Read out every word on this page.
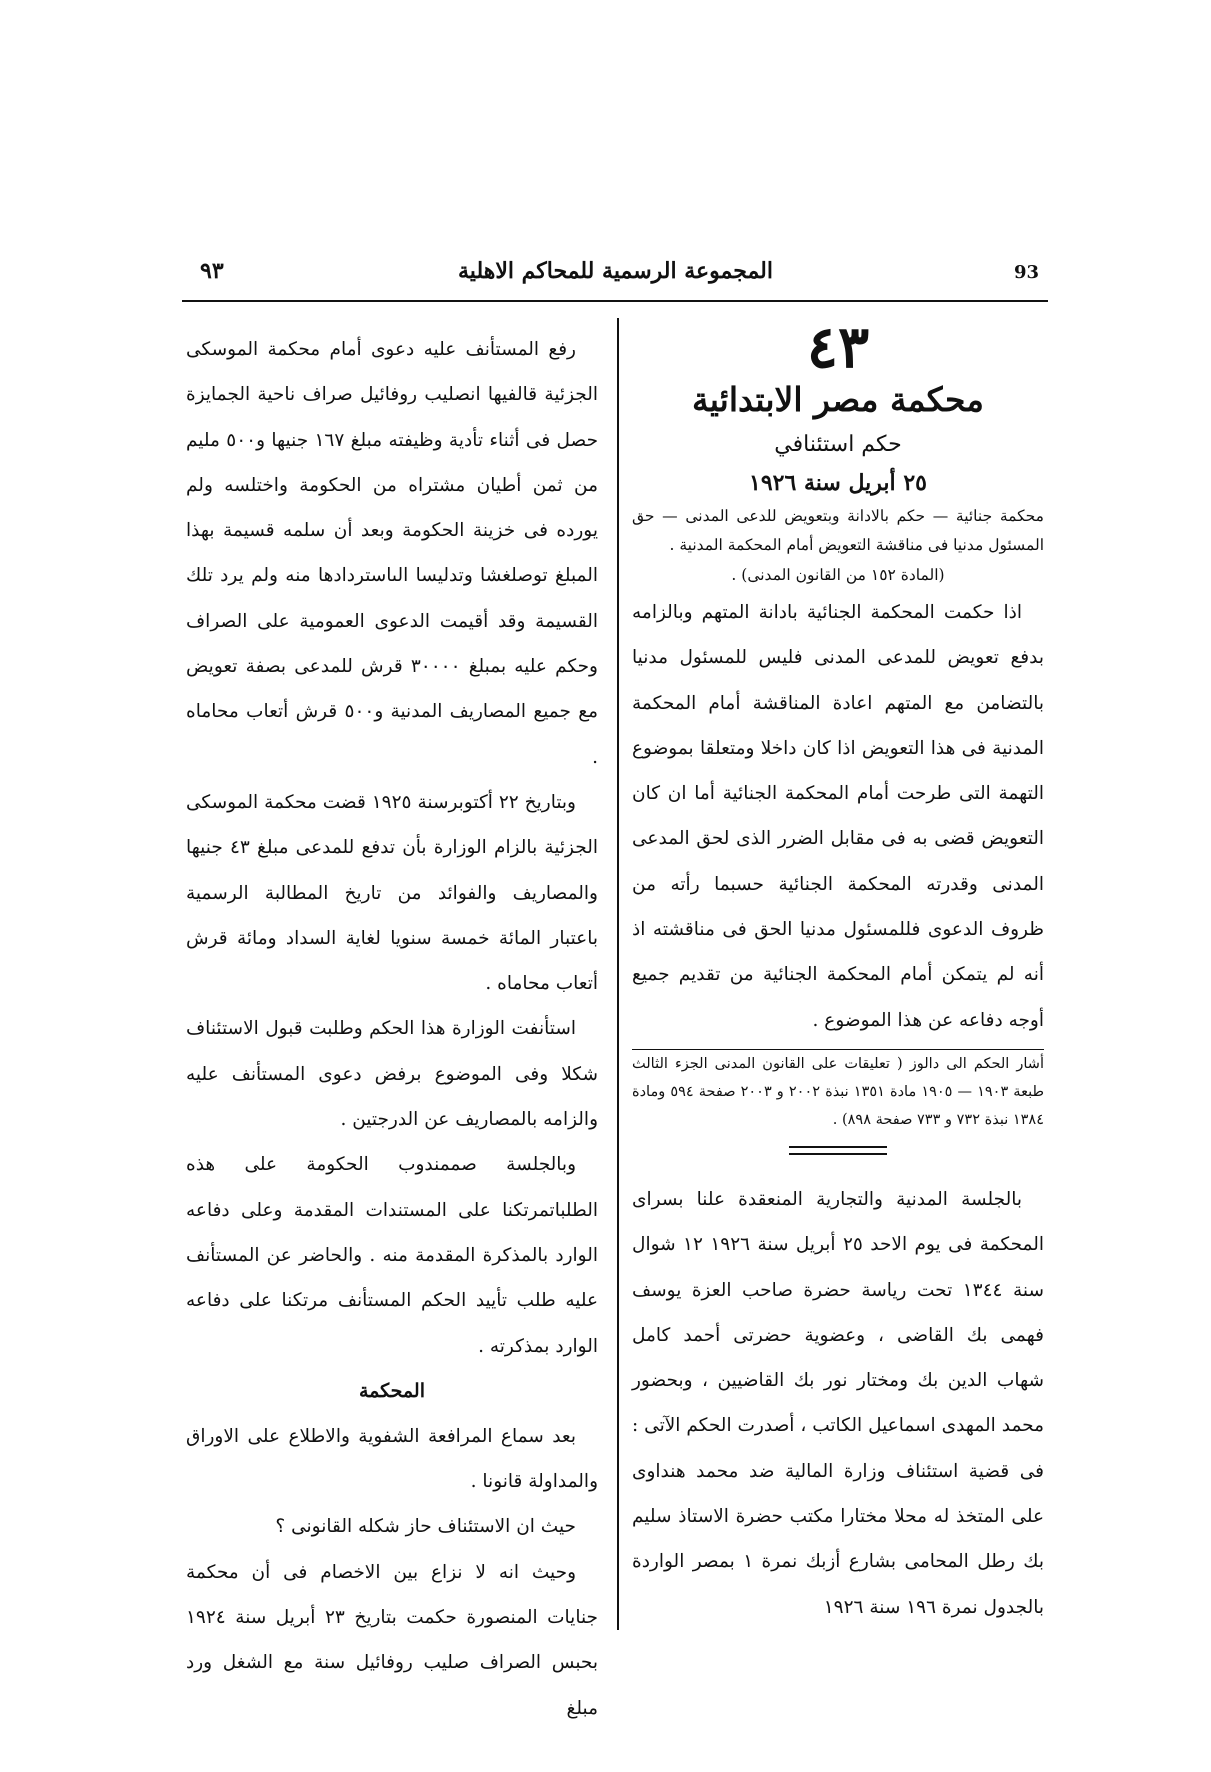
93
المجموعة الرسمية للمحاكم الاهلية
٩٣
٤٣
محكمة مصر الابتدائية
حكم استئنافي
٢٥ أبريل سنة ١٩٢٦

محكمة جنائية — حكم بالادانة وبتعويض للدعى المدنى — حق المسئول مدنيا فى مناقشة التعويض أمام المحكمة المدنية .

(المادة ١٥٢ من القانون المدنى) .

اذا حكمت المحكمة الجنائية بادانة المتهم وبالزامه بدفع تعويض للمدعى المدنى فليس للمسئول مدنيا بالتضامن مع المتهم اعادة المناقشة أمام المحكمة المدنية فى هذا التعويض اذا كان داخلا ومتعلقا بموضوع التهمة التى طرحت أمام المحكمة الجنائية أما ان كان التعويض قضى به فى مقابل الضرر الذى لحق المدعى المدنى وقدرته المحكمة الجنائية حسبما رأته من ظروف الدعوى فللمسئول مدنيا الحق فى مناقشته اذ أنه لم يتمكن أمام المحكمة الجنائية من تقديم جميع أوجه دفاعه عن هذا الموضوع .

أشار الحكم الى دالوز ( تعليقات على القانون المدنى الجزء الثالث طبعة ١٩٠٣ — ١٩٠٥ مادة ١٣٥١ نبذة ٢٠٠٢ و ٢٠٠٣ صفحة ٥٩٤ ومادة ١٣٨٤ نبذة ٧٣٢ و ٧٣٣ صفحة ٨٩٨) .

بالجلسة المدنية والتجارية المنعقدة علنا بسراى المحكمة فى يوم الاحد ٢٥ أبريل سنة ١٩٢٦ ١٢ شوال سنة ١٣٤٤ تحت رياسة حضرة صاحب العزة يوسف فهمى بك القاضى ، وعضوية حضرتى أحمد كامل شهاب الدين بك ومختار نور بك القاضيين ، وبحضور محمد المهدى اسماعيل الكاتب ، أصدرت الحكم الآتى : فى قضية استئناف وزارة المالية ضد محمد هنداوى على المتخذ له محلا مختارا مكتب حضرة الاستاذ سليم بك رطل المحامى بشارع أزبك نمرة ١ بمصر الواردة بالجدول نمرة ١٩٦ سنة ١٩٢٦

رفع المستأنف عليه دعوى أمام محكمة الموسكى الجزئية قالفيها انصليب روفائيل صراف ناحية الجمايزة حصل فى أثناء تأدية وظيفته مبلغ ١٦٧ جنيها و٥٠٠ مليم من ثمن أطيان مشتراه من الحكومة واختلسه ولم يورده فى خزينة الحكومة وبعد أن سلمه قسيمة بهذا المبلغ توصلغشا وتدليسا الىاستردادها منه ولم يرد تلك القسيمة وقد أقيمت الدعوى العمومية على الصراف وحكم عليه بمبلغ ٣٠٠٠٠ قرش للمدعى بصفة تعويض مع جميع المصاريف المدنية و٥٠٠ قرش أتعاب محاماه .

وبتاريخ ٢٢ أكتوبرسنة ١٩٢٥ قضت محكمة الموسكى الجزئية بالزام الوزارة بأن تدفع للمدعى مبلغ ٤٣ جنيها والمصاريف والفوائد من تاريخ المطالبة الرسمية باعتبار المائة خمسة سنويا لغاية السداد ومائة قرش أتعاب محاماه .

استأنفت الوزارة هذا الحكم وطلبت قبول الاستئناف شكلا وفى الموضوع برفض دعوى المستأنف عليه والزامه بالمصاريف عن الدرجتين .

وبالجلسة صممندوب الحكومة على هذه الطلباتمرتكنا على المستندات المقدمة وعلى دفاعه الوارد بالمذكرة المقدمة منه . والحاضر عن المستأنف عليه طلب تأييد الحكم المستأنف مرتكنا على دفاعه الوارد بمذكرته .

المحكمة

بعد سماع المرافعة الشفوية والاطلاع على الاوراق والمداولة قانونا .

حيث ان الاستئناف حاز شكله القانونى ؟

وحيث انه لا نزاع بين الاخصام فى أن محكمة جنايات المنصورة حكمت بتاريخ ٢٣ أبريل سنة ١٩٢٤ بحبس الصراف صليب روفائيل سنة مع الشغل ورد مبلغ
